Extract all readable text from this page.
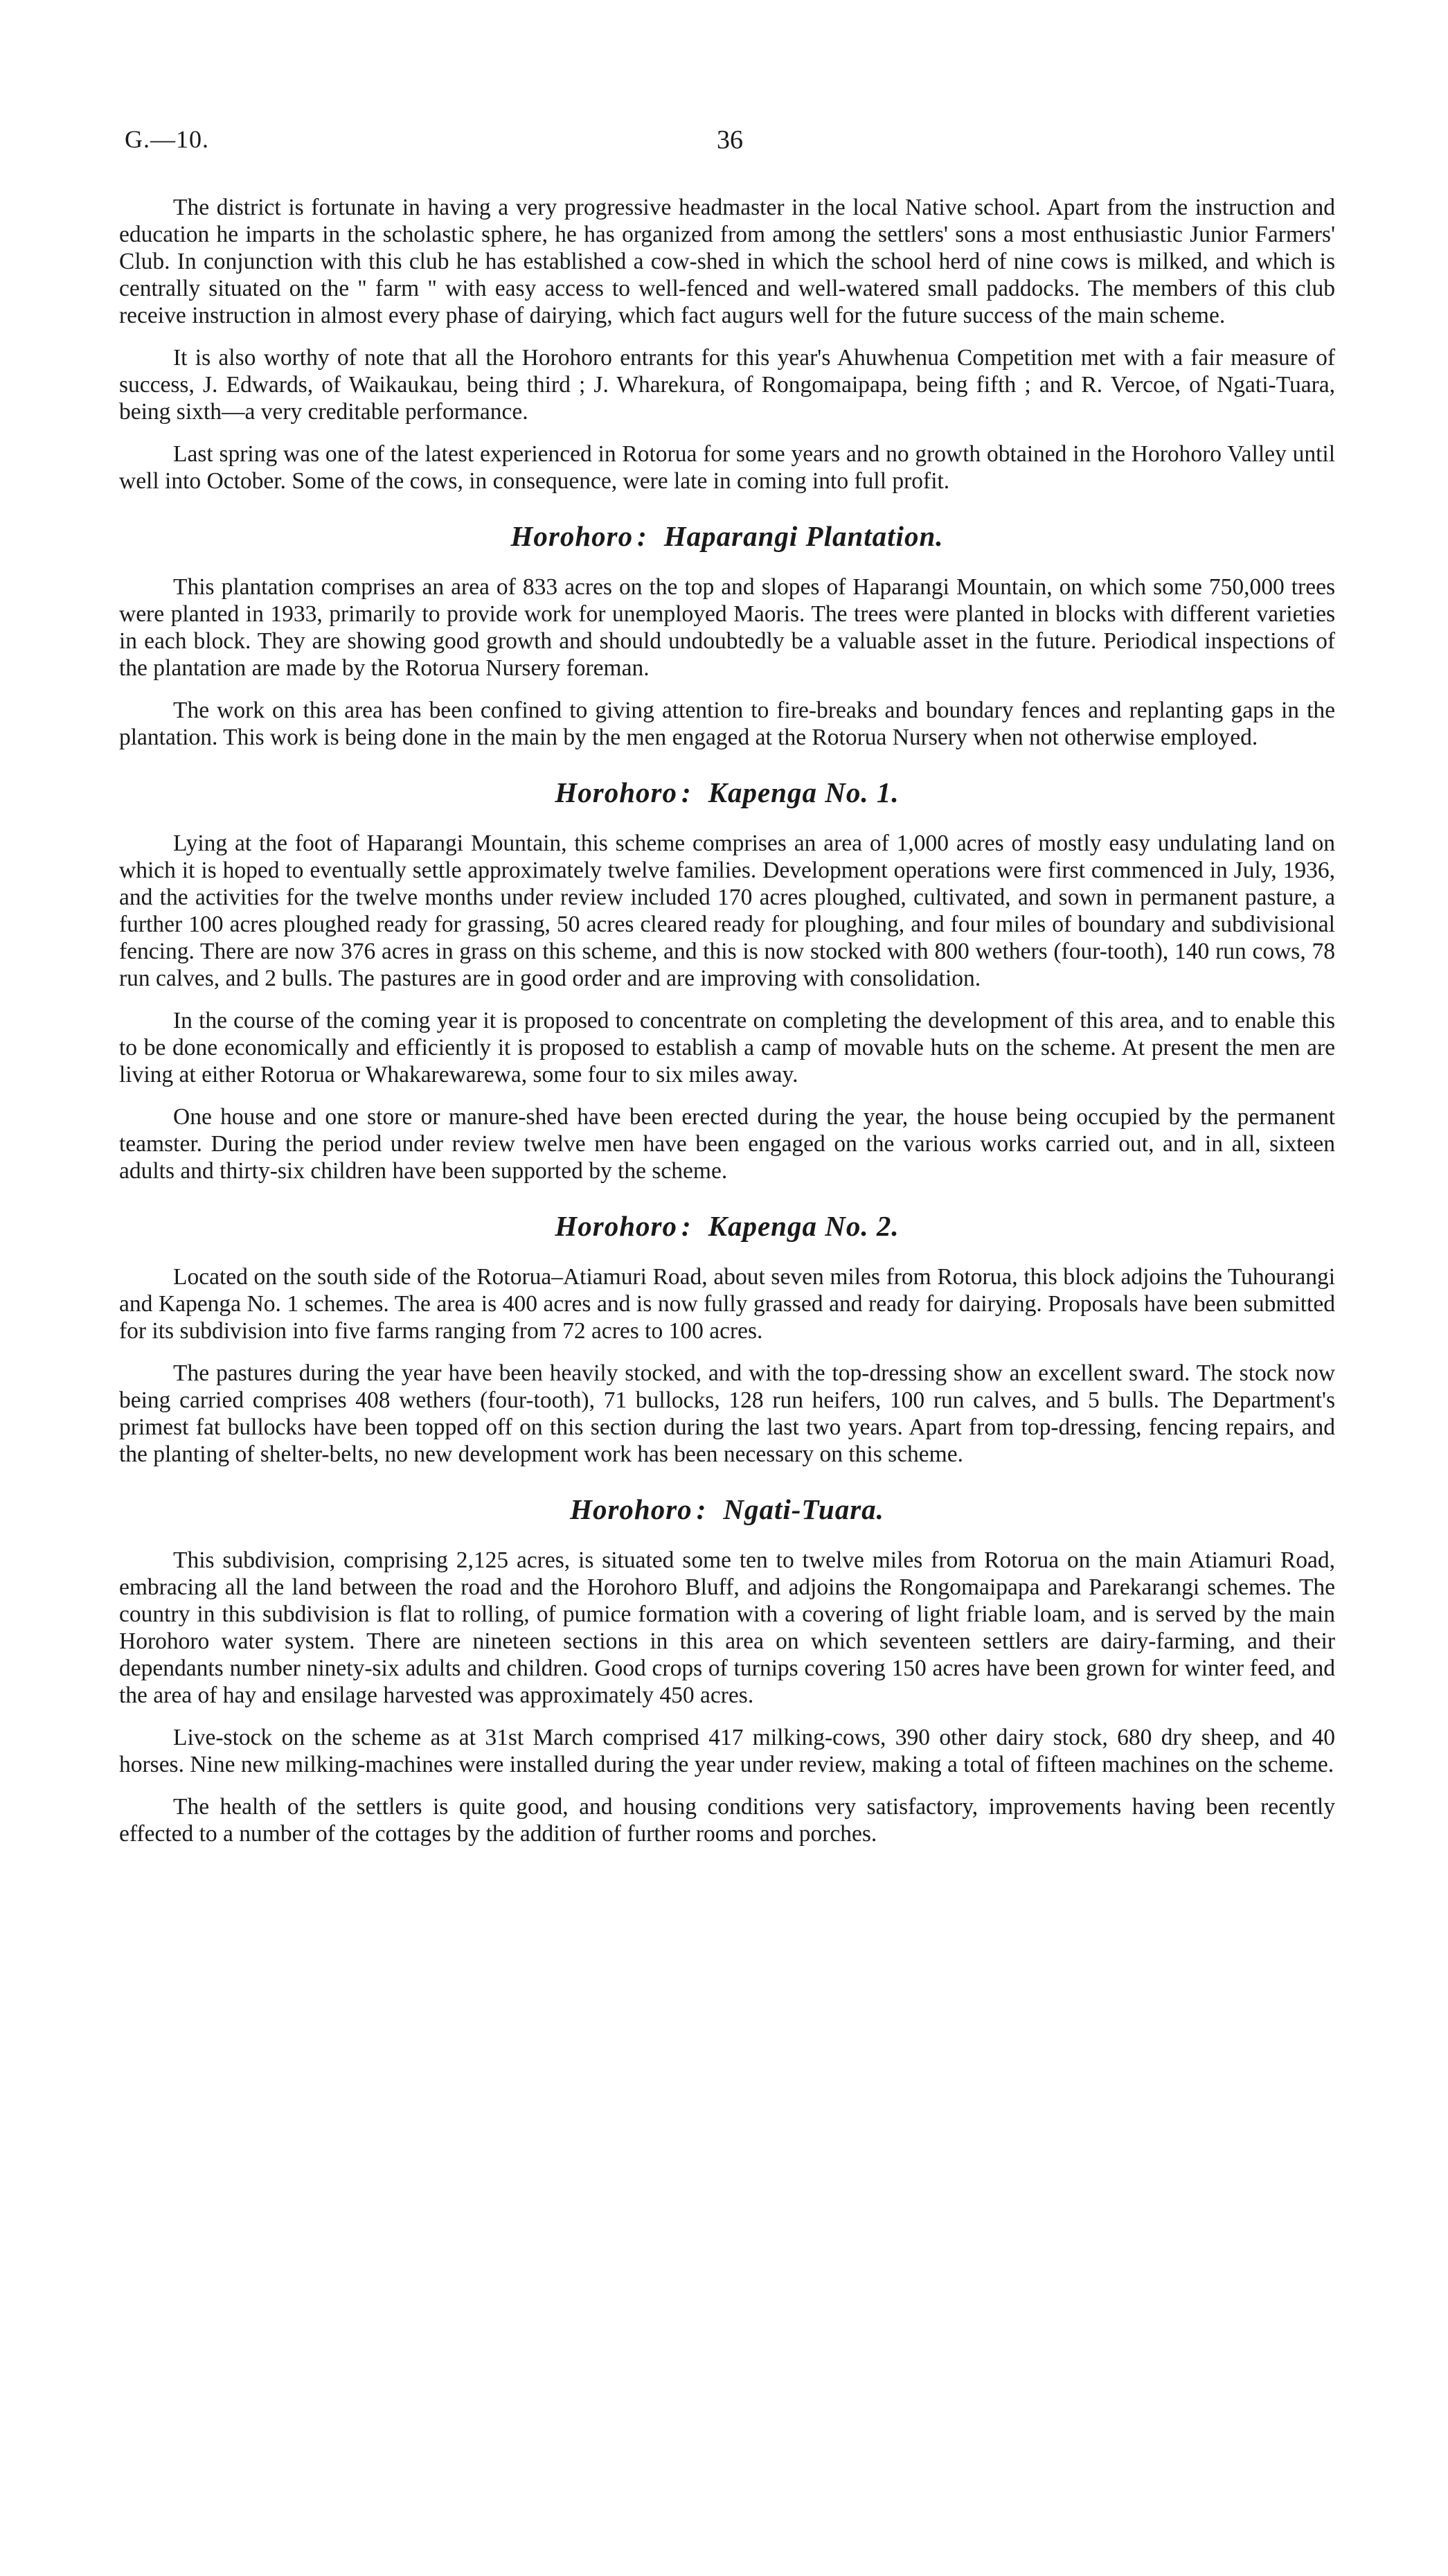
G.—10.	36

The district is fortunate in having a very progressive headmaster in the local Native school. Apart from the instruction and education he imparts in the scholastic sphere, he has organized from among the settlers' sons a most enthusiastic Junior Farmers' Club. In conjunction with this club he has established a cow-shed in which the school herd of nine cows is milked, and which is centrally situated on the " farm " with easy access to well-fenced and well-watered small paddocks. The members of this club receive instruction in almost every phase of dairying, which fact augurs well for the future success of the main scheme.

It is also worthy of note that all the Horohoro entrants for this year's Ahuwhenua Competition met with a fair measure of success, J. Edwards, of Waikaukau, being third ; J. Wharekura, of Rongomaipapa, being fifth ; and R. Vercoe, of Ngati-Tuara, being sixth—a very creditable performance.

Last spring was one of the latest experienced in Rotorua for some years and no growth obtained in the Horohoro Valley until well into October. Some of the cows, in consequence, were late in coming into full profit.

Horohoro : Haparangi Plantation.

This plantation comprises an area of 833 acres on the top and slopes of Haparangi Mountain, on which some 750,000 trees were planted in 1933, primarily to provide work for unemployed Maoris. The trees were planted in blocks with different varieties in each block. They are showing good growth and should undoubtedly be a valuable asset in the future. Periodical inspections of the plantation are made by the Rotorua Nursery foreman.

The work on this area has been confined to giving attention to fire-breaks and boundary fences and replanting gaps in the plantation. This work is being done in the main by the men engaged at the Rotorua Nursery when not otherwise employed.

Horohoro : Kapenga No. 1.

Lying at the foot of Haparangi Mountain, this scheme comprises an area of 1,000 acres of mostly easy undulating land on which it is hoped to eventually settle approximately twelve families. Development operations were first commenced in July, 1936, and the activities for the twelve months under review included 170 acres ploughed, cultivated, and sown in permanent pasture, a further 100 acres ploughed ready for grassing, 50 acres cleared ready for ploughing, and four miles of boundary and subdivisional fencing. There are now 376 acres in grass on this scheme, and this is now stocked with 800 wethers (four-tooth), 140 run cows, 78 run calves, and 2 bulls. The pastures are in good order and are improving with consolidation.

In the course of the coming year it is proposed to concentrate on completing the development of this area, and to enable this to be done economically and efficiently it is proposed to establish a camp of movable huts on the scheme. At present the men are living at either Rotorua or Whakarewarewa, some four to six miles away.

One house and one store or manure-shed have been erected during the year, the house being occupied by the permanent teamster. During the period under review twelve men have been engaged on the various works carried out, and in all, sixteen adults and thirty-six children have been supported by the scheme.

Horohoro : Kapenga No. 2.

Located on the south side of the Rotorua–Atiamuri Road, about seven miles from Rotorua, this block adjoins the Tuhourangi and Kapenga No. 1 schemes. The area is 400 acres and is now fully grassed and ready for dairying. Proposals have been submitted for its subdivision into five farms ranging from 72 acres to 100 acres.

The pastures during the year have been heavily stocked, and with the top-dressing show an excellent sward. The stock now being carried comprises 408 wethers (four-tooth), 71 bullocks, 128 run heifers, 100 run calves, and 5 bulls. The Department's primest fat bullocks have been topped off on this section during the last two years. Apart from top-dressing, fencing repairs, and the planting of shelter-belts, no new development work has been necessary on this scheme.

Horohoro : Ngati-Tuara.

This subdivision, comprising 2,125 acres, is situated some ten to twelve miles from Rotorua on the main Atiamuri Road, embracing all the land between the road and the Horohoro Bluff, and adjoins the Rongomaipapa and Parekarangi schemes. The country in this subdivision is flat to rolling, of pumice formation with a covering of light friable loam, and is served by the main Horohoro water system. There are nineteen sections in this area on which seventeen settlers are dairy-farming, and their dependants number ninety-six adults and children. Good crops of turnips covering 150 acres have been grown for winter feed, and the area of hay and ensilage harvested was approximately 450 acres.

Live-stock on the scheme as at 31st March comprised 417 milking-cows, 390 other dairy stock, 680 dry sheep, and 40 horses. Nine new milking-machines were installed during the year under review, making a total of fifteen machines on the scheme.

The health of the settlers is quite good, and housing conditions very satisfactory, improvements having been recently effected to a number of the cottages by the addition of further rooms and porches.
